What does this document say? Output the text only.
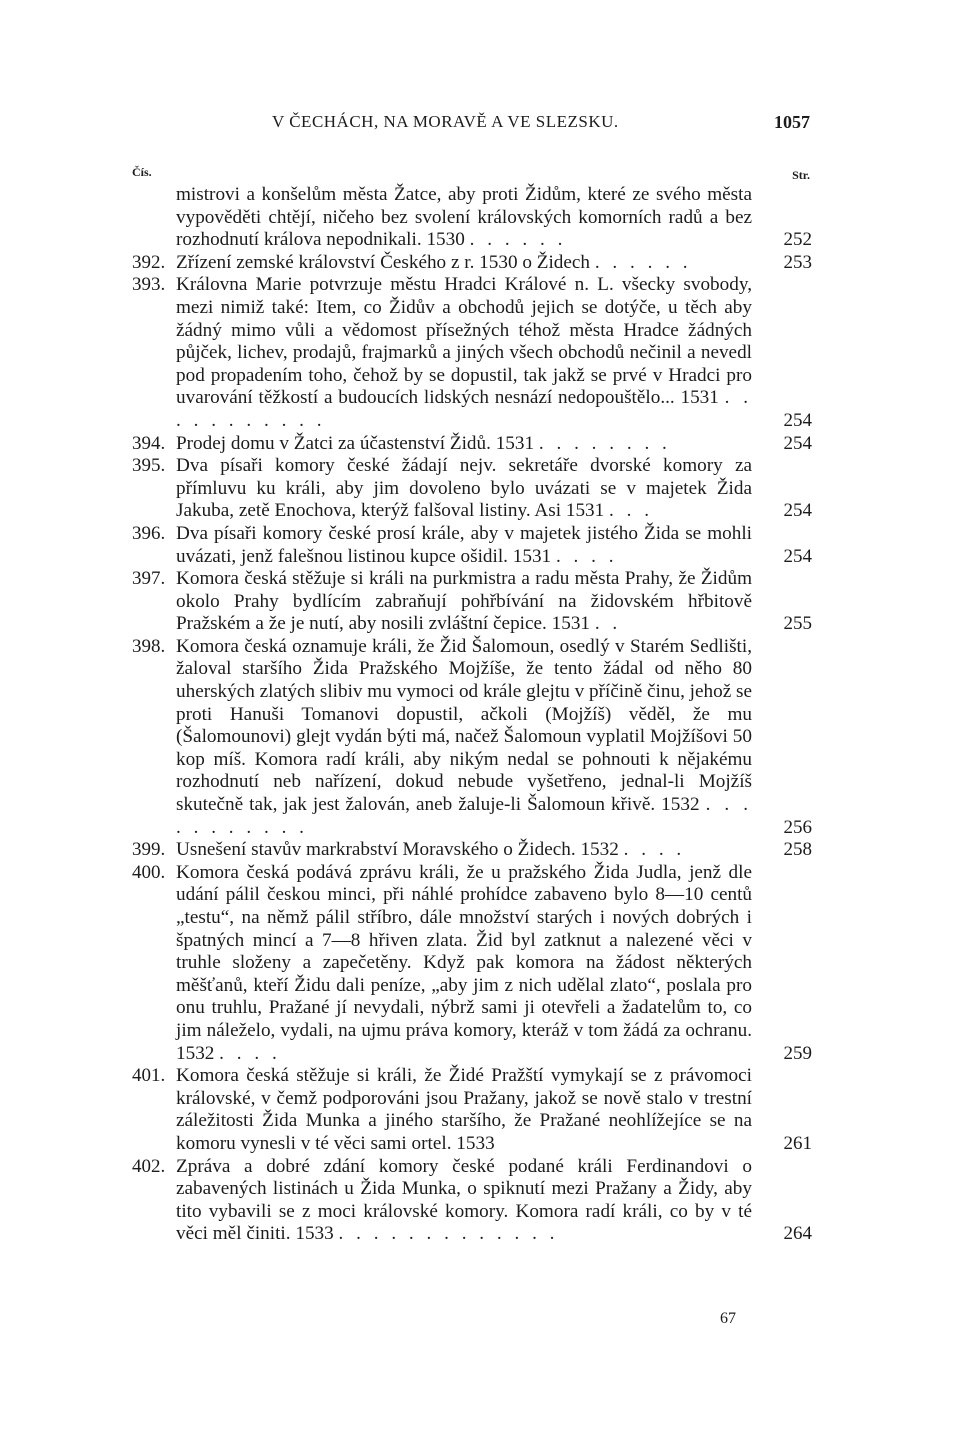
V ČECHÁCH, NA MORAVĚ A VE SLEZSKU.	1057
Čís.	Str.
mistrovi a konšelům města Žatce, aby proti Židům, které ze svého města vypověděti chtějí, ničeho bez svolení královských komorních radů a bez rozhodnutí králova nepodnikali. 1530 . . . . . .	252
392. Zřízení zemské království Českého z r. 1530 o Židech . . . . . .	253
393. Královna Marie potvrzuje městu Hradci Králové n. L. všecky svobody, mezi nimiž také: Item, co Židův a obchodů jejich se dotýče, u těch aby žádný mimo vůli a vědomost přísežných téhož města Hradce žádných půjček, lichev, prodajů, frajmarků a jiných všech obchodů nečinil a nevedl pod propadením toho, čehož by se dopustil, tak jakž se prvé v Hradci pro uvarování těžkostí a budoucích lidských nesnází nedopouštělo... 1531 . . . . . . . . . . .	254
394. Prodej domu v Žatci za účastenství Židů. 1531 . . . . . . . .	254
395. Dva písaři komory české žádají nejv. sekretáře dvorské komory za přímluvu ku králi, aby jim dovoleno bylo uvázati se v majetek Žida Jakuba, zetě Enochova, kterýž falšoval listiny. Asi 1531 . . .	254
396. Dva písaři komory české prosí krále, aby v majetek jistého Žida se mohli uvázati, jenž falešnou listinou kupce ošidil. 1531 . . . .	254
397. Komora česká stěžuje si králi na purkmistra a radu města Prahy, že Židům okolo Prahy bydlícím zabraňují pohřbívání na židovském hřbitově Pražském a že je nutí, aby nosili zvláštní čepice. 1531 . .	255
398. Komora česká oznamuje králi, že Žid Šalomoun, osedlý v Starém Sedlišti, žaloval staršího Žida Pražského Mojžíše, že tento žádal od něho 80 uherských zlatých slibiv mu vymoci od krále glejtu v příčině činu, jehož se proti Hanuši Tomanovi dopustil, ačkoli (Mojžíš) věděl, že mu (Šalomounovi) glejt vydán býti má, načež Šalomoun vyplatil Mojžíšovi 50 kop míš. Komora radí králi, aby nikým nedal se pohnouti k nějakému rozhodnutí neb nařízení, dokud nebude vyšetřeno, jednal-li Mojžíš skutečně tak, jak jest žalován, aneb žaluje-li Šalomoun křivě. 1532 . . . . . . . . . . .	256
399. Usnešení stavův markrabství Moravského o Židech. 1532 . . . .	258
400. Komora česká podává zprávu králi, že u pražského Žida Judla, jenž dle udání pálil českou minci, při náhlé prohídce zabaveno bylo 8—10 centů „testu“, na němž pálil stříbro, dále množství starých i nových dobrých i špatných mincí a 7—8 hřiven zlata. Žid byl zatknut a nalezené věci v truhle složeny a zapečetěny. Když pak komora na žádost některých měšťanů, kteří Židu dali peníze, „aby jim z nich udělal zlato“, poslala pro onu truhlu, Pražané jí nevydali, nýbrž sami ji otevřeli a žadatelům to, co jim náleželo, vydali, na ujmu práva komory, kteráž v tom žádá za ochranu. 1532 . . . .	259
401. Komora česká stěžuje si králi, že Židé Pražští vymykají se z právomoci královské, v čemž podporováni jsou Pražany, jakož se nově stalo v trestní záležitosti Žida Munka a jiného staršího, že Pražané neohlížejíce se na komoru vynesli v té věci sami ortel. 1533	261
402. Zpráva a dobré zdání komory české podané králi Ferdinandovi o zabavených listinách u Žida Munka, o spiknutí mezi Pražany a Židy, aby tito vybavili se z moci královské komory. Komora radí králi, co by v té věci měl činiti. 1533 . . . . . . . . . . . . .	264
67
